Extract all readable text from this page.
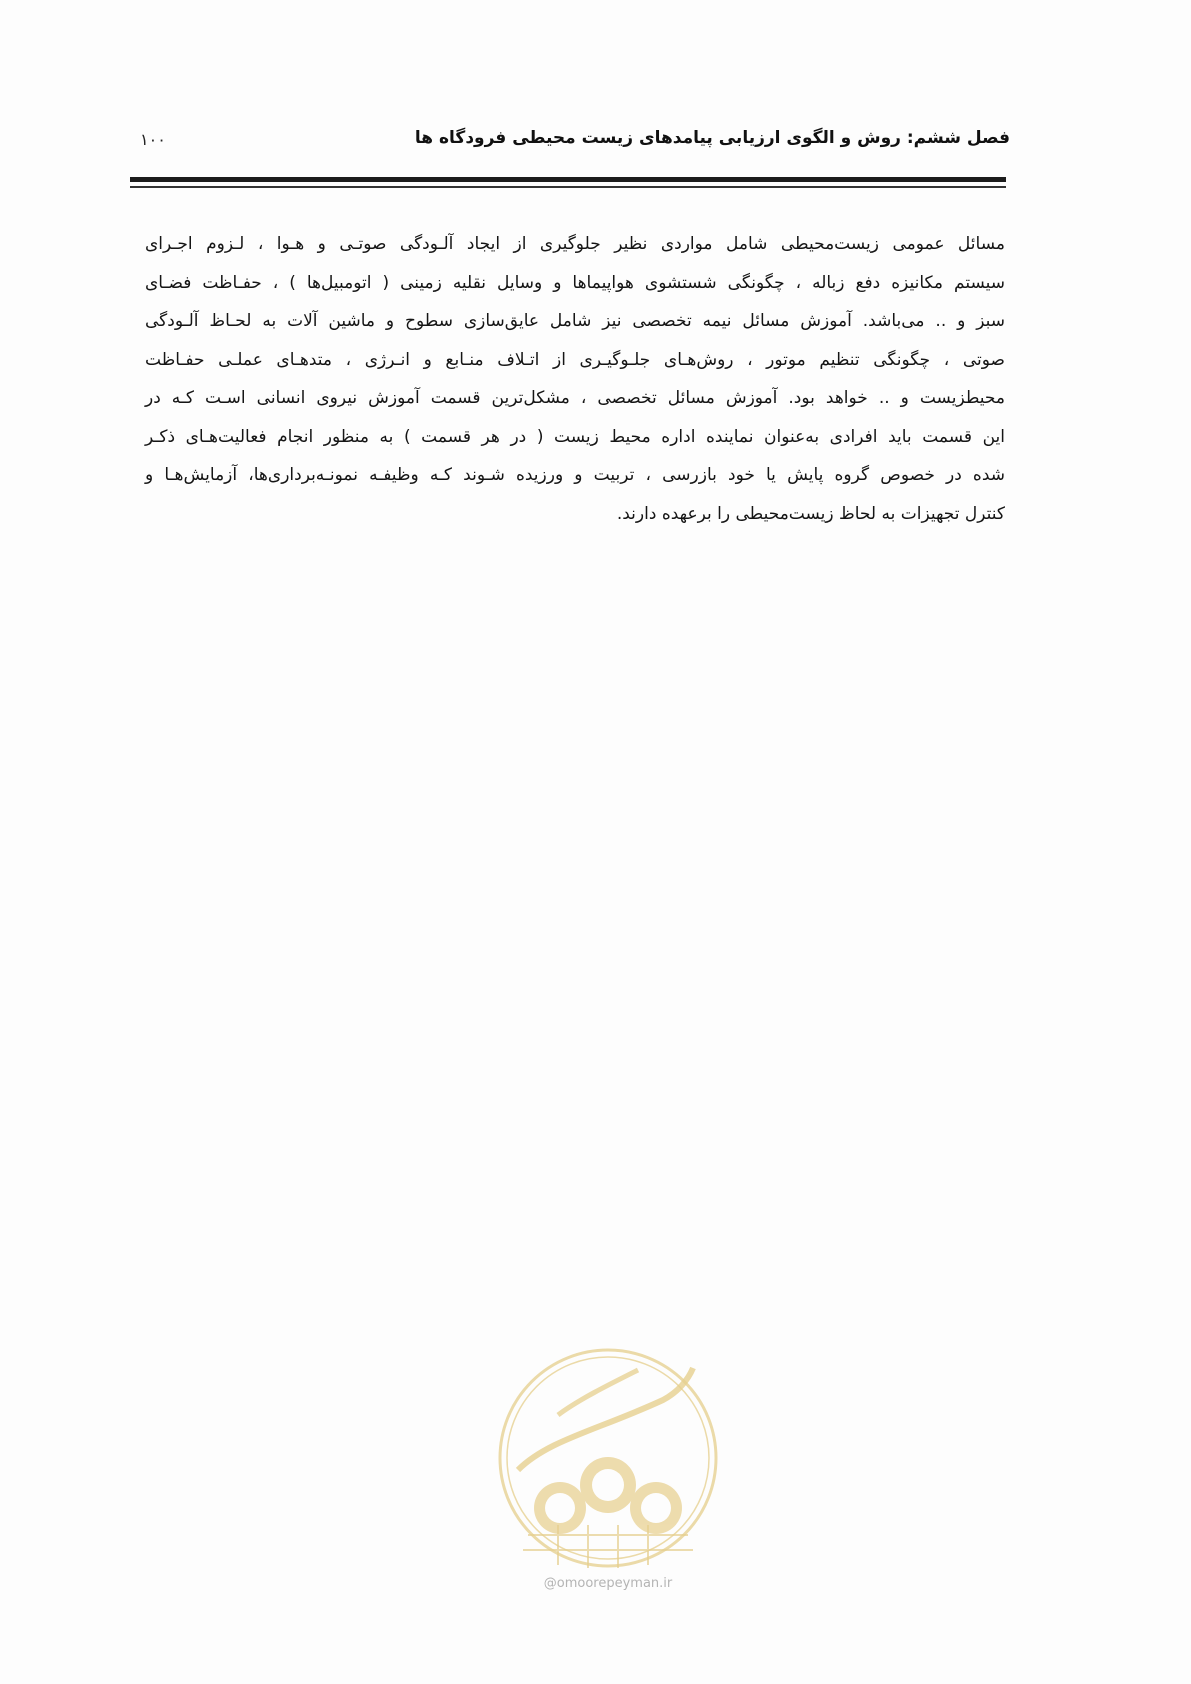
فصل ششم: روش و الگوی ارزیابی پیامدهای زیست محیطی فرودگاه ها
۱۰۰
مسائل عمومی زیست‌محیطی شامل مواردی نظیر جلوگیری از ایجاد آلـودگی صوتـی و هـوا ، لـزوم اجـرای
سیستم مکانیزه دفع زباله ، چگونگی شستشوی هواپیماها و وسایل نقلیه زمینی ( اتومبیل‌ها ) ، حفـاظت فضـای
سبز و .. می‌باشد. آموزش مسائل نیمه تخصصی نیز شامل عایق‌سازی سطوح و ماشین آلات به لحـاظ آلـودگی
صوتی ، چگونگی تنظیم موتور ، روش‌هـای جلـوگیـری از اتـلاف منـابع و انـرژی ، متدهـای عملـی حفـاظت
محیطزیست و .. خواهد بود. آموزش مسائل تخصصی ، مشکل‌ترین قسمت آموزش نیروی انسانی اسـت کـه در
این قسمت باید افرادی به‌عنوان نماینده اداره محیط زیست ( در هر قسمت ) به منظور انجام فعالیت‌هـای ذکـر
شده در خصوص گروه پایش یا خود بازرسی ، تربیت و ورزیده شـوند کـه وظیفـه نمونـه‌برداری‌ها، آزمایش‌هـا و
کنترل تجهیزات به لحاظ زیست‌محیطی را برعهده دارند.
@omoorepeyman.ir
